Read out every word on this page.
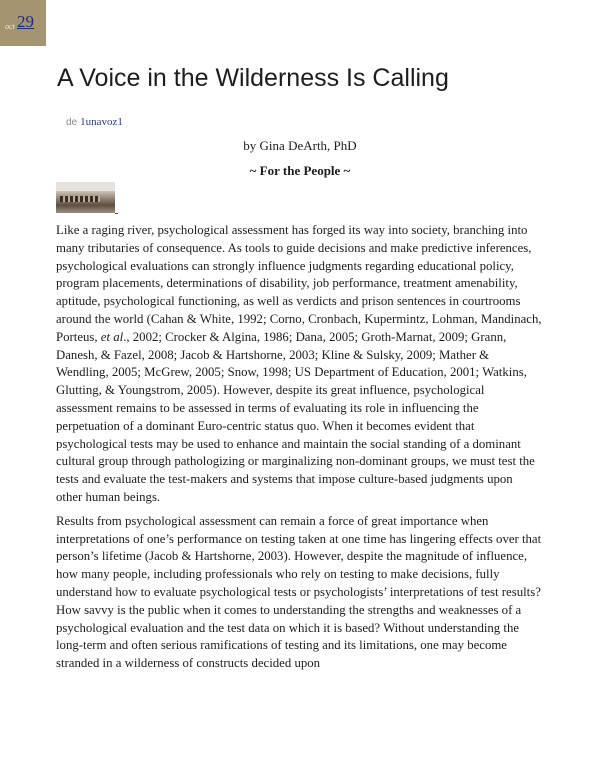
oct 29
A Voice in the Wilderness Is Calling
de 1unavoz1
by Gina DeArth, PhD
~ For the People ~

Like a raging river, psychological assessment has forged its way into society, branching into many tributaries of consequence. As tools to guide decisions and make predictive inferences, psychological evaluations can strongly influence judgments regarding educational policy, program placements, determinations of disability, job performance, treatment amenability, aptitude, psychological functioning, as well as verdicts and prison sentences in courtrooms around the world (Cahan & White, 1992; Corno, Cronbach, Kupermintz, Lohman, Mandinach, Porteus, et al., 2002; Crocker & Algina, 1986; Dana, 2005; Groth-Marnat, 2009; Grann, Danesh, & Fazel, 2008; Jacob & Hartshorne, 2003; Kline & Sulsky, 2009; Mather & Wendling, 2005; McGrew, 2005; Snow, 1998; US Department of Education, 2001; Watkins, Glutting, & Youngstrom, 2005). However, despite its great influence, psychological assessment remains to be assessed in terms of evaluating its role in influencing the perpetuation of a dominant Euro-centric status quo. When it becomes evident that psychological tests may be used to enhance and maintain the social standing of a dominant cultural group through pathologizing or marginalizing non-dominant groups, we must test the tests and evaluate the test-makers and systems that impose culture-based judgments upon other human beings.

Results from psychological assessment can remain a force of great importance when interpretations of one’s performance on testing taken at one time has lingering effects over that person’s lifetime (Jacob & Hartshorne, 2003). However, despite the magnitude of influence, how many people, including professionals who rely on testing to make decisions, fully understand how to evaluate psychological tests or psychologists’ interpretations of test results? How savvy is the public when it comes to understanding the strengths and weaknesses of a psychological evaluation and the test data on which it is based? Without understanding the long-term and often serious ramifications of testing and its limitations, one may become stranded in a wilderness of constructs decided upon
